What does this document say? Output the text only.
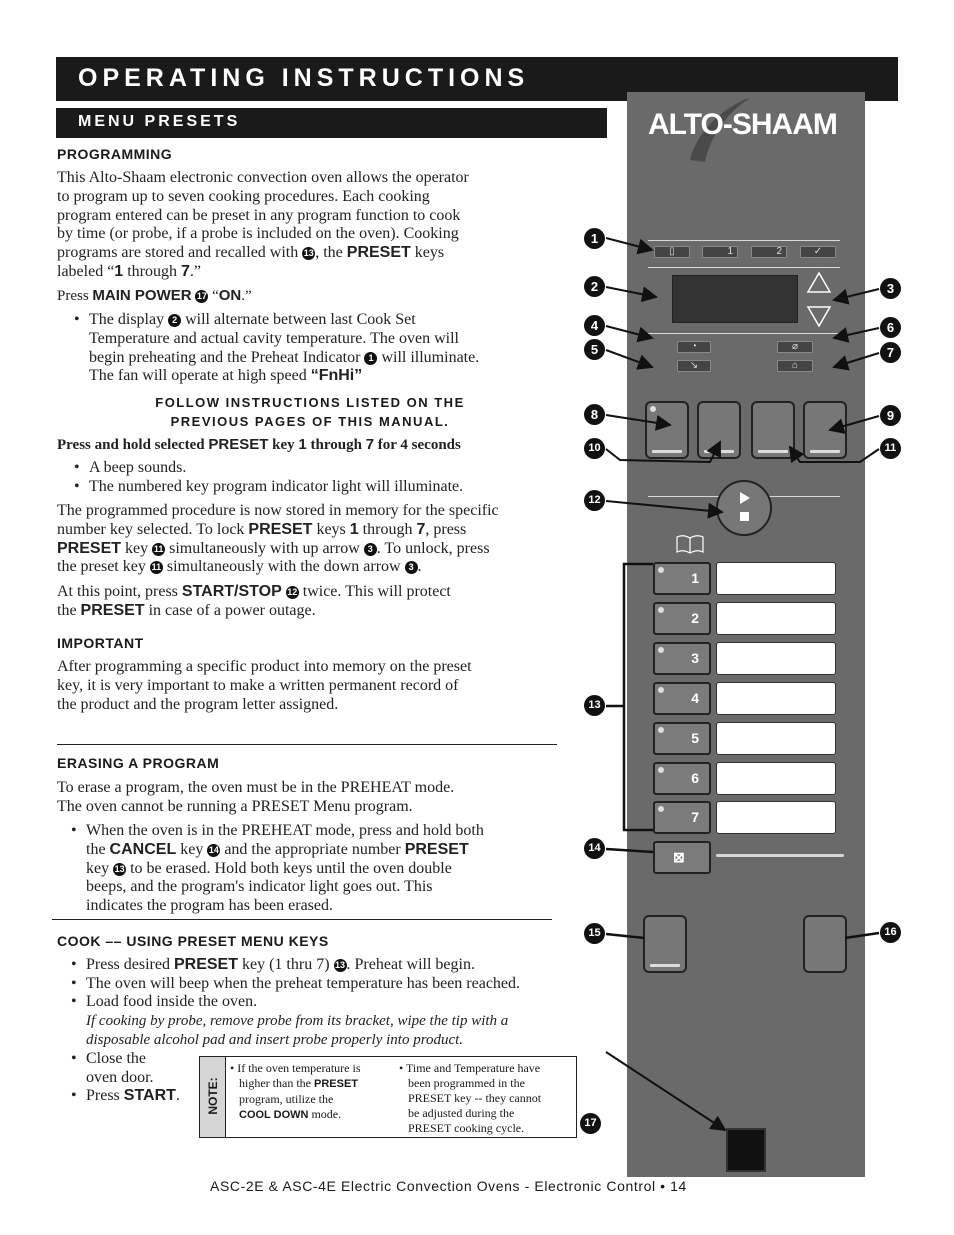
OPERATING INSTRUCTIONS
MENU PRESETS
PROGRAMMING
This Alto-Shaam electronic convection oven allows the operator
to program up to seven cooking procedures. Each cooking
program entered can be preset in any program function to cook
by time (or probe, if a probe is included on the oven). Cooking
programs are stored and recalled with 13, the PRESET keys
labeled “1 through 7.”
Press MAIN POWER 17 “ON.”
• The display 2 will alternate between last Cook Set
Temperature and actual cavity temperature. The oven will
begin preheating and the Preheat Indicator 1 will illuminate.
The fan will operate at high speed “FnHi”
FOLLOW INSTRUCTIONS LISTED ON THE
PREVIOUS PAGES OF THIS MANUAL.
Press and hold selected PRESET key 1 through 7 for 4 seconds
• A beep sounds.
• The numbered key program indicator light will illuminate.
The programmed procedure is now stored in memory for the specific
number key selected. To lock PRESET keys 1 through 7, press
PRESET key 11 simultaneously with up arrow 3 . To unlock, press
the preset key 11 simultaneously with the down arrow 3 .
At this point, press START/STOP 12 twice. This will protect
the PRESET in case of a power outage.
IMPORTANT
After programming a specific product into memory on the preset
key, it is very important to make a written permanent record of
the product and the program letter assigned.
ERASING A PROGRAM
To erase a program, the oven must be in the PREHEAT mode.
The oven cannot be running a PRESET Menu program.
• When the oven is in the PREHEAT mode, press and hold both
the CANCEL key 14 and the appropriate number PRESET
key 13 to be erased. Hold both keys until the oven double
beeps, and the program's indicator light goes out. This
indicates the program has been erased.
COOK –– USING PRESET MENU KEYS
• Press desired PRESET key (1 thru 7) 13. Preheat will begin.
• The oven will beep when the preheat temperature has been reached.
• Load food inside the oven.
If cooking by probe, remove probe from its bracket, wipe the tip with a
disposable alcohol pad and insert probe properly into product.
• Close the
oven door.
• Press START. NOTE:
• If the oven temperature is
higher than the PRESET
program, utilize the
COOL DOWN mode.
• Time and Temperature have
been programmed in the
PRESET key -- they cannot
be adjusted during the
PRESET cooking cycle.
ALTO-SHAAM
▯	1	2	✓
◔	⌀
↘	⌂
1
2
3
4
5
6
7
⊠
1
2	3
4
5
6
7
8	9
10	11
12
13
14
15	16
17
ASC-2E & ASC-4E Electric Convection Ovens - Electronic Control • 14
